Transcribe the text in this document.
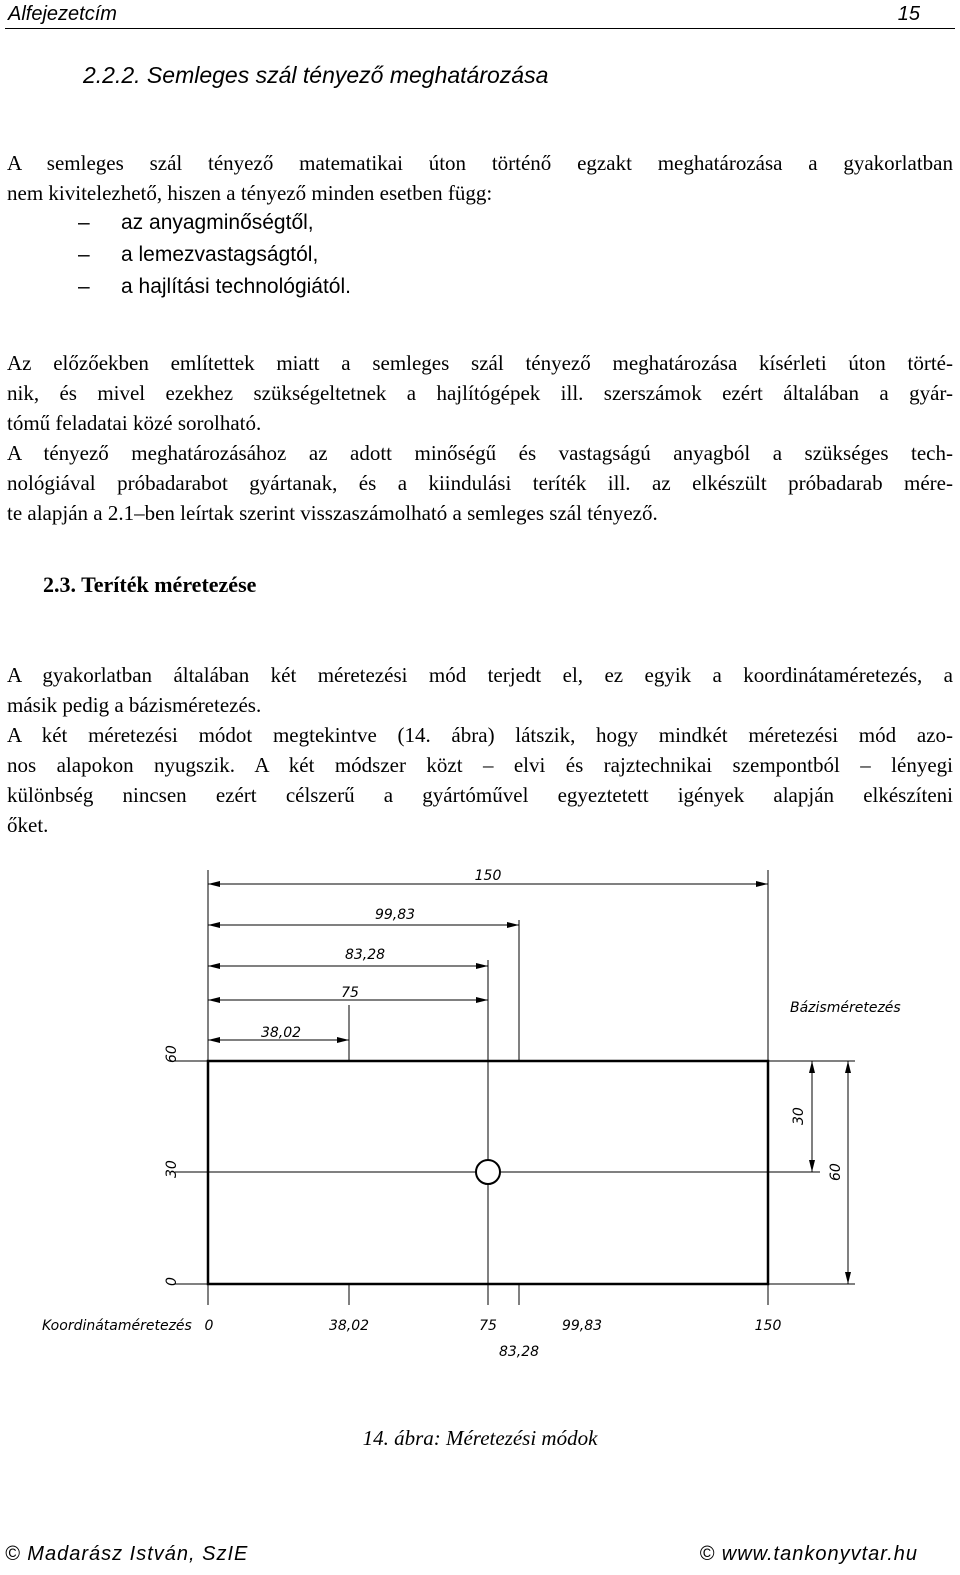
Alfejezetcím	15
2.2.2. Semleges szál tényező meghatározása
A semleges szál tényező matematikai úton történő egzakt meghatározása a gyakorlatban
nem kivitelezhető, hiszen a tényező minden esetben függ:
– az anyagminőségtől,
– a lemezvastagságtól,
– a hajlítási technológiától.
Az előzőekben említettek miatt a semleges szál tényező meghatározása kísérleti úton törté-
nik, és mivel ezekhez szükségeltetnek a hajlítógépek ill. szerszámok ezért általában a gyár-
tómű feladatai közé sorolható.
A tényező meghatározásához az adott minőségű és vastagságú anyagból a szükséges tech-
nológiával próbadarabot gyártanak, és a kiindulási teríték ill. az elkészült próbadarab mére-
te alapján a 2.1–ben leírtak szerint visszaszámolható a semleges szál tényező.
2.3. Teríték méretezése
A gyakorlatban általában két méretezési mód terjedt el, ez egyik a koordinátaméretezés, a
másik pedig a bázisméretezés.
A két méretezési módot megtekintve (14. ábra) látszik, hogy mindkét méretezési mód azo-
nos alapokon nyugszik. A két módszer közt – elvi és rajztechnikai szempontból – lényegi
különbség nincsen ezért célszerű a gyártóművel egyeztetett igények alapján elkészíteni
őket.
150
99,83
83,28
75
38,02
Bázisméretezés
60
30
0
30
60
Koordinátaméretezés 0	38,02	75	99,83	150
83,28
14. ábra: Méretezési módok
© Madarász István, SzIE	© www.tankonyvtar.hu
